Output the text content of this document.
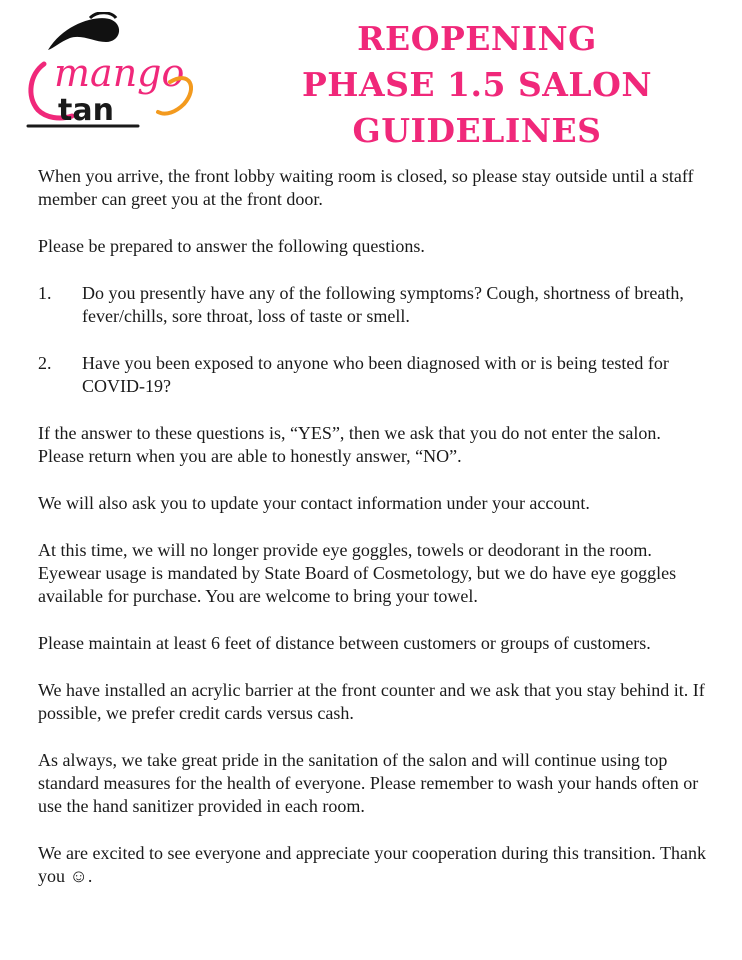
mango
tan
REOPENING
PHASE 1.5 SALON
GUIDELINES

When you arrive, the front lobby waiting room is closed, so please stay outside until a staff member can greet you at the front door.

Please be prepared to answer the following questions.

1.	Do you presently have any of the following symptoms? Cough, shortness of breath, fever/chills, sore throat, loss of taste or smell.
2.	Have you been exposed to anyone who been diagnosed with or is being tested for COVID-19?

If the answer to these questions is, “YES”, then we ask that you do not enter the salon. Please return when you are able to honestly answer, “NO”.

We will also ask you to update your contact information under your account.

At this time, we will no longer provide eye goggles, towels or deodorant in the room. Eyewear usage is mandated by State Board of Cosmetology, but we do have eye goggles available for purchase. You are welcome to bring your towel.

Please maintain at least 6 feet of distance between customers or groups of customers.

We have installed an acrylic barrier at the front counter and we ask that you stay behind it. If possible, we prefer credit cards versus cash.

As always, we take great pride in the sanitation of the salon and will continue using top standard measures for the health of everyone. Please remember to wash your hands often or use the hand sanitizer provided in each room.

We are excited to see everyone and appreciate your cooperation during this transition. Thank you ☺.
